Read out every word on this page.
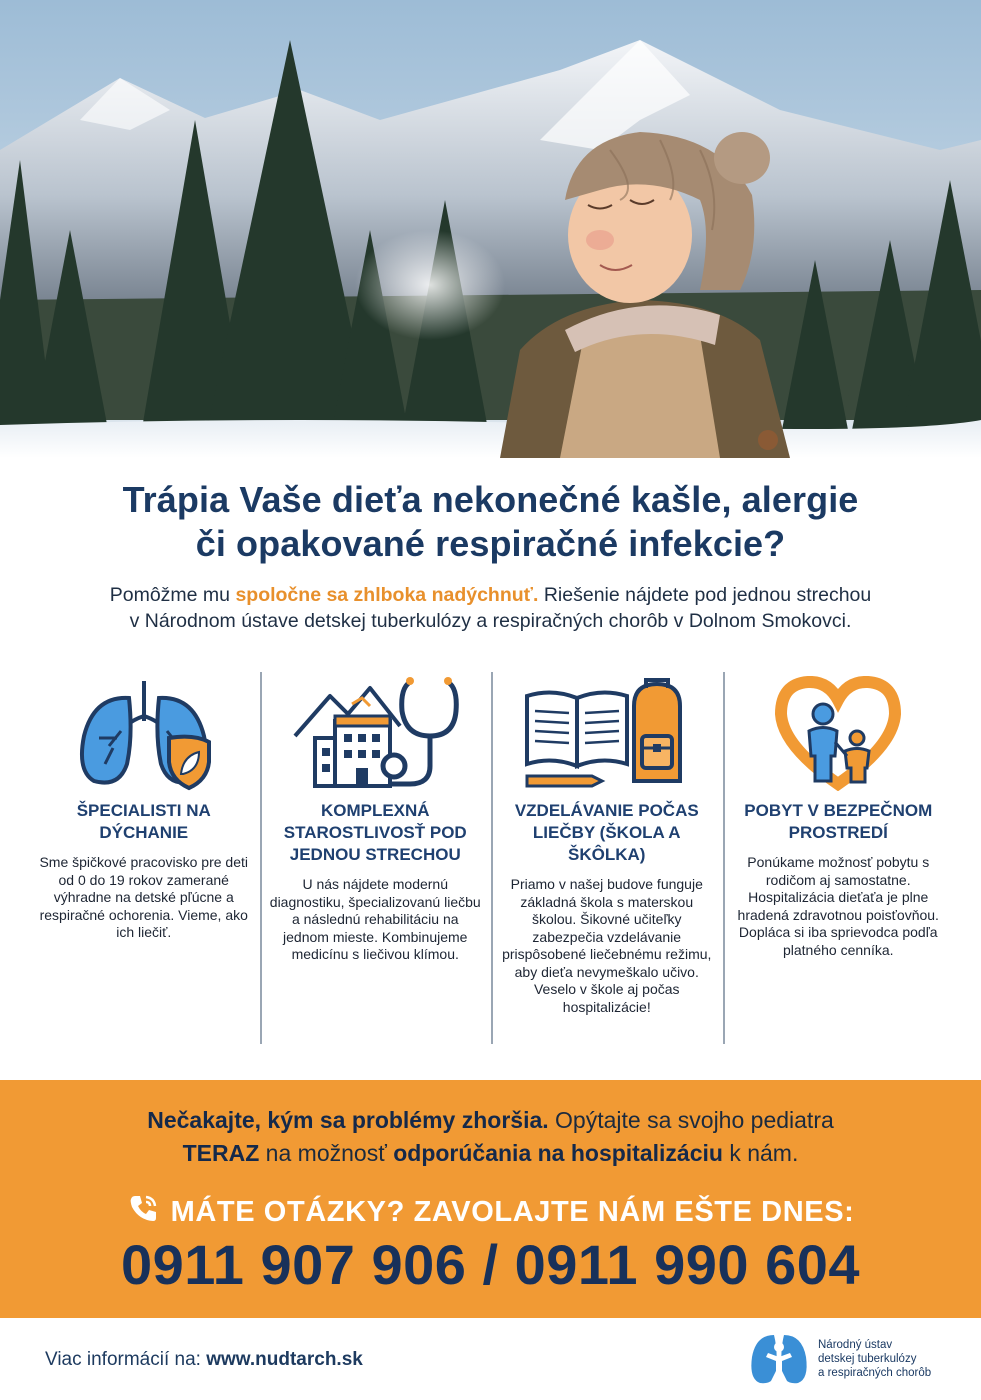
Trápia Vaše dieťa nekonečné kašle, alergie
či opakované respiračné infekcie?
Pomôžme mu spoločne sa zhlboka nadýchnuť. Riešenie nájdete pod jednou strechou
v Národnom ústave detskej tuberkulózy a respiračných chorôb v Dolnom Smokovci.
ŠPECIALISTI NA DÝCHANIE
Sme špičkové pracovisko pre deti od 0 do 19 rokov zamerané výhradne na detské pľúcne a respiračné ochorenia. Vieme, ako ich liečiť.
KOMPLEXNÁ STAROSTLIVOSŤ POD JEDNOU STRECHOU
U nás nájdete modernú diagnostiku, špecializovanú liečbu a následnú rehabilitáciu na jednom mieste. Kombinujeme medicínu s liečivou klímou.
VZDELÁVANIE POČAS LIEČBY (ŠKOLA A ŠKÔLKA)
Priamo v našej budove funguje základná škola s materskou školou. Šikovné učiteľky zabezpečia vzdelávanie prispôsobené liečebnému režimu, aby dieťa nevymeškalo učivo. Veselo v škole aj počas hospitalizácie!
POBYT V BEZPEČNOM PROSTREDÍ
Ponúkame možnosť pobytu s rodičom aj samostatne. Hospitalizácia dieťaťa je plne hradená zdravotnou poisťovňou. Dopláca si iba sprievodca podľa platného cenníka.
Nečakajte, kým sa problémy zhoršia. Opýtajte sa svojho pediatra
TERAZ na možnosť odporúčania na hospitalizáciu k nám.
MÁTE OTÁZKY? ZAVOLAJTE NÁM EŠTE DNES:
0911 907 906 / 0911 990 604
Viac informácií na: www.nudtarch.sk
Národný ústav
detskej tuberkulózy
a respiračných chorôb
